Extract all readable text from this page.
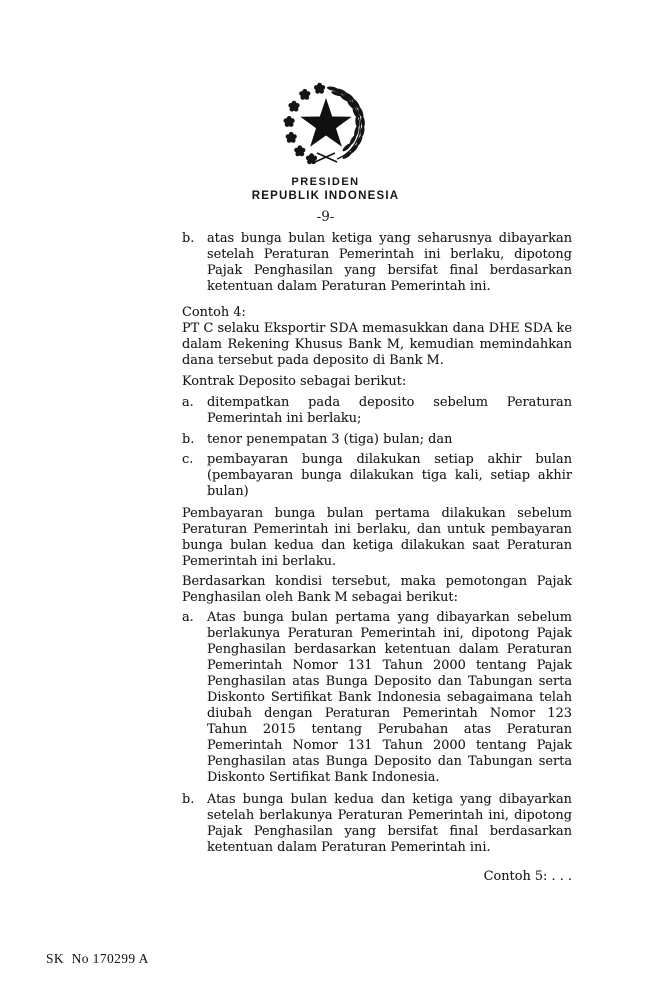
PRESIDEN
REPUBLIK INDONESIA
-9-
b. atas bunga bulan ketiga yang seharusnya dibayarkan setelah Peraturan Pemerintah ini berlaku, dipotong Pajak Penghasilan yang bersifat final berdasarkan ketentuan dalam Peraturan Pemerintah ini.
Contoh 4:
PT C selaku Eksportir SDA memasukkan dana DHE SDA ke dalam Rekening Khusus Bank M, kemudian memindahkan dana tersebut pada deposito di Bank M.
Kontrak Deposito sebagai berikut:
a.	ditempatkan pada deposito sebelum Peraturan Pemerintah ini berlaku;
b. tenor penempatan 3 (tiga) bulan; dan
c.	pembayaran bunga dilakukan setiap akhir bulan (pembayaran bunga dilakukan tiga kali, setiap akhir bulan)
Pembayaran bunga bulan pertama dilakukan sebelum Peraturan Pemerintah ini berlaku, dan untuk pembayaran bunga bulan kedua dan ketiga dilakukan saat Peraturan Pemerintah ini berlaku.
Berdasarkan kondisi tersebut, maka pemotongan Pajak Penghasilan oleh Bank M sebagai berikut:
a.	Atas bunga bulan pertama yang dibayarkan sebelum berlakunya Peraturan Pemerintah ini, dipotong Pajak Penghasilan berdasarkan ketentuan dalam Peraturan Pemerintah Nomor 131 Tahun 2000 tentang Pajak Penghasilan atas Bunga Deposito dan Tabungan serta Diskonto Sertifikat Bank Indonesia sebagaimana telah diubah dengan Peraturan Pemerintah Nomor 123 Tahun 2015 tentang Perubahan atas Peraturan Pemerintah Nomor 131 Tahun 2000 tentang Pajak Penghasilan atas Bunga Deposito dan Tabungan serta Diskonto Sertifikat Bank Indonesia.
b. Atas bunga bulan kedua dan ketiga yang dibayarkan setelah berlakunya Peraturan Pemerintah ini, dipotong Pajak Penghasilan yang bersifat final berdasarkan ketentuan dalam Peraturan Pemerintah ini.
Contoh 5: . . .
SK  No 170299 A
